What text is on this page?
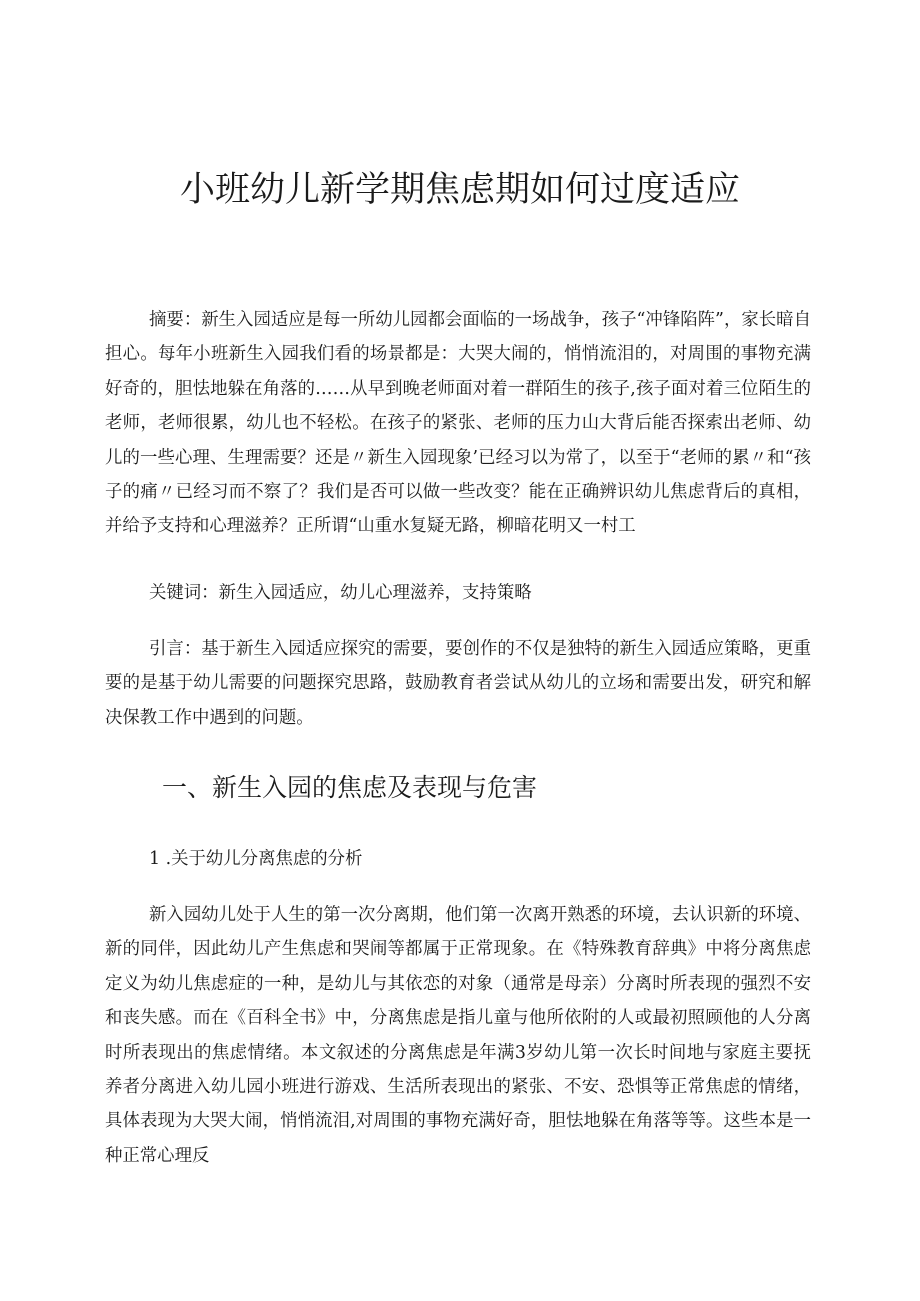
小班幼儿新学期焦虑期如何过度适应

摘要：新生入园适应是每一所幼儿园都会面临的一场战争，孩子“冲锋陷阵”，家长暗自担心。每年小班新生入园我们看的场景都是：大哭大闹的，悄悄流泪的，对周围的事物充满好奇的，胆怯地躲在角落的……从早到晚老师面对着一群陌生的孩子,孩子面对着三位陌生的老师，老师很累，幼儿也不轻松。在孩子的紧张、老师的压力山大背后能否探索出老师、幼儿的一些心理、生理需要？还是〃新生入园现象’已经习以为常了，以至于“老师的累〃和“孩子的痛〃已经习而不察了？我们是否可以做一些改变？能在正确辨识幼儿焦虑背后的真相，并给予支持和心理滋养？正所谓“山重水复疑无路，柳暗花明又一村工

关键词：新生入园适应，幼儿心理滋养，支持策略

引言：基于新生入园适应探究的需要，要创作的不仅是独特的新生入园适应策略，更重要的是基于幼儿需要的问题探究思路，鼓励教育者尝试从幼儿的立场和需要出发，研究和解决保教工作中遇到的问题。

一、新生入园的焦虑及表现与危害
1 .关于幼儿分离焦虑的分析

新入园幼儿处于人生的第一次分离期，他们第一次离开熟悉的环境，去认识新的环境、新的同伴，因此幼儿产生焦虑和哭闹等都属于正常现象。在《特殊教育辞典》中将分离焦虑定义为幼儿焦虑症的一种，是幼儿与其依恋的对象（通常是母亲）分离时所表现的强烈不安和丧失感。而在《百科全书》中，分离焦虑是指儿童与他所依附的人或最初照顾他的人分离时所表现出的焦虑情绪。本文叙述的分离焦虑是年满3岁幼儿第一次长时间地与家庭主要抚养者分离进入幼儿园小班进行游戏、生活所表现出的紧张、不安、恐惧等正常焦虑的情绪，具体表现为大哭大闹，悄悄流泪,对周围的事物充满好奇，胆怯地躲在角落等等。这些本是一种正常心理反
